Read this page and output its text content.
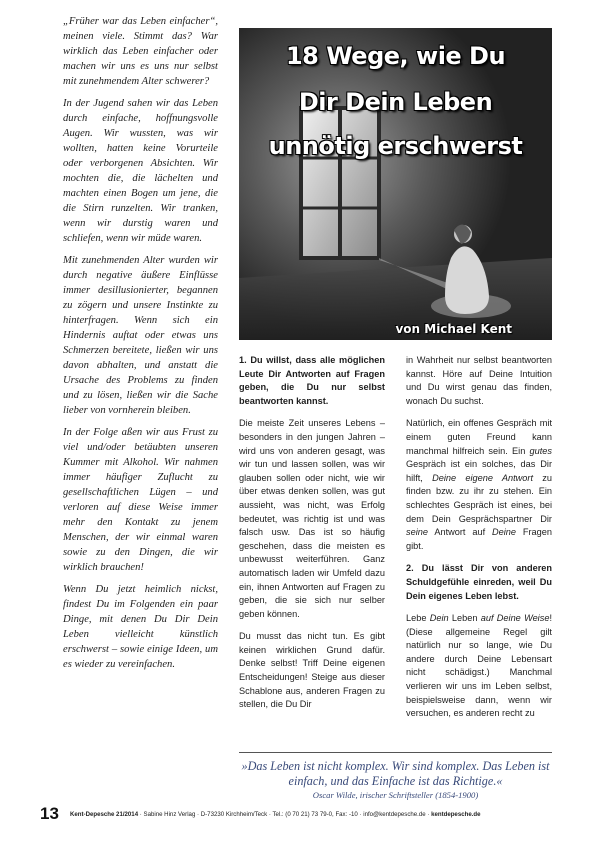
„Früher war das Leben einfacher“, meinen viele. Stimmt das? War wirklich das Leben einfacher oder machen wir uns es uns nur selbst mit zunehmendem Alter schwerer?

In der Jugend sahen wir das Leben durch einfache, hoffnungsvolle Augen. Wir wussten, was wir wollten, hatten keine Vorurteile oder verborgenen Absichten. Wir mochten die, die lächelten und machten einen Bogen um jene, die die Stirn runzelten. Wir tranken, wenn wir durstig waren und schliefen, wenn wir müde waren.

Mit zunehmenden Alter wurden wir durch negative äußere Einflüsse immer desillusionierter, begannen zu zögern und unsere Instinkte zu hinterfragen. Wenn sich ein Hindernis auftat oder etwas uns Schmerzen bereitete, ließen wir uns davon abhalten, und anstatt die Ursache des Problems zu finden und zu lösen, ließen wir die Sache lieber von vornherein bleiben.

In der Folge aßen wir aus Frust zu viel und/oder betäubten unseren Kummer mit Alkohol. Wir nahmen immer häufiger Zuflucht zu gesellschaftlichen Lügen – und verloren auf diese Weise immer mehr den Kontakt zu jenem Menschen, der wir einmal waren sowie zu den Dingen, die wir wirklich brauchen!

Wenn Du jetzt heimlich nickst, findest Du im Folgenden ein paar Dinge, mit denen Du Dir Dein Leben vielleicht künstlich erschwerst – sowie einige Ideen, um es wieder zu vereinfachen.

18 Wege, wie Du

Dir Dein Leben

unnötig erschwerst

von Michael Kent

1. Du willst, dass alle möglichen Leute Dir Antworten auf Fragen geben, die Du nur selbst beantworten kannst.

Die meiste Zeit unseres Lebens – besonders in den jungen Jahren – wird uns von anderen gesagt, was wir tun und lassen sollen, was wir glauben sollen oder nicht, wie wir über etwas denken sollen, was gut aussieht, was nicht, was Erfolg bedeutet, was richtig ist und was falsch usw. Das ist so häufig geschehen, dass die meisten es unbewusst weiterführen. Ganz automatisch laden wir Umfeld dazu ein, ihnen Antworten auf Fragen zu geben, die sie sich nur selber geben können.

Du musst das nicht tun. Es gibt keinen wirklichen Grund dafür. Denke selbst! Triff Deine eigenen Entscheidungen! Steige aus dieser Schablone aus, anderen Fragen zu stellen, die Du Dir

in Wahrheit nur selbst beantworten kannst. Höre auf Deine Intuition und Du wirst genau das finden, wonach Du suchst.

Natürlich, ein offenes Gespräch mit einem guten Freund kann manchmal hilfreich sein. Ein gutes Gespräch ist ein solches, das Dir hilft, Deine eigene Antwort zu finden bzw. zu ihr zu stehen. Ein schlechtes Gespräch ist eines, bei dem Dein Gesprächspartner Dir seine Antwort auf Deine Fragen gibt.

2. Du lässt Dir von anderen Schuldgefühle einreden, weil Du Dein eigenes Leben lebst.

Lebe Dein Leben auf Deine Weise! (Diese allgemeine Regel gilt natürlich nur so lange, wie Du andere durch Deine Lebensart nicht schädigst.) Manchmal verlieren wir uns im Leben selbst, beispielsweise dann, wenn wir versuchen, es anderen recht zu

»Das Leben ist nicht komplex. Wir sind komplex. Das Leben ist einfach, und das Einfache ist das Richtige.«
Oscar Wilde, irischer Schriftsteller (1854-1900)
13 Kent-Depesche 21/2014 · Sabine Hinz Verlag · D-73230 Kirchheim/Teck · Tel.: (0 70 21) 73 79-0, Fax: -10 · info@kentdepesche.de · kentdepesche.de
